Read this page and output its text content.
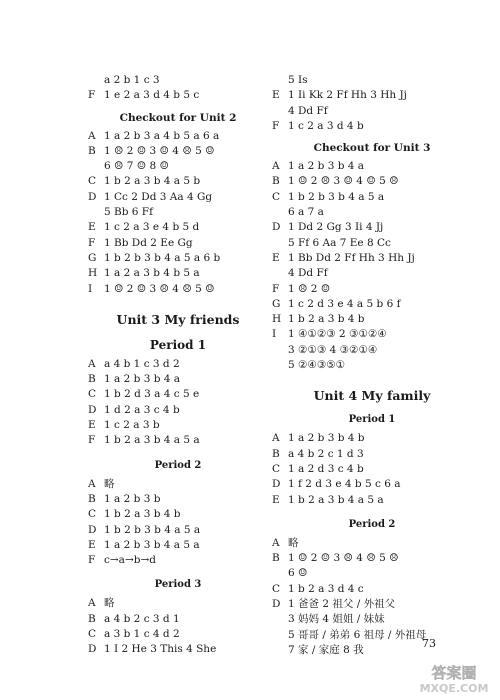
a 2 b 1 c 3
F 1 e 2 a 3 d 4 b 5 c
Checkout for Unit 2
A 1 a 2 b 3 a 4 b 5 a 6 a
B 1 ☹ 2 ☺ 3 ☺ 4 ☹ 5 ☺
6 ☹ 7 ☺ 8 ☺
C 1 b 2 a 3 b 4 a 5 b
D 1 Cc 2 Dd 3 Aa 4 Gg
5 Bb 6 Ff
E 1 c 2 a 3 e 4 b 5 d
F 1 Bb Dd 2 Ee Gg
G 1 b 2 b 3 b 4 a 5 a 6 b
H 1 a 2 a 3 b 4 b 5 a
I 1 ☺ 2 ☺ 3 ☹ 4 ☹ 5 ☺
Unit 3 My friends
Period 1
A a 4 b 1 c 3 d 2
B 1 a 2 b 3 b 4 a
C 1 b 2 d 3 a 4 c 5 e
D 1 d 2 a 3 c 4 b
E 1 c 2 a 3 b
F 1 b 2 a 3 b 4 a 5 a
Period 2
A 略
B 1 a 2 b 3 b
C 1 b 2 a 3 b 4 b
D 1 b 2 b 3 b 4 a 5 a
E 1 a 2 b 3 b 4 a 5 a
F c→a→b→d
Period 3
A 略
B a 4 b 2 c 3 d 1
C a 3 b 1 c 4 d 2
D 1 I 2 He 3 This 4 She
5 Is
E 1 Ii Kk 2 Ff Hh 3 Hh Jj
4 Dd Ff
F 1 c 2 a 3 d 4 b
Checkout for Unit 3
A 1 a 2 b 3 b 4 a
B 1 ☺ 2 ☹ 3 ☺ 4 ☺ 5 ☹
C 1 b 2 b 3 b 4 a 5 a
6 a 7 a
D 1 Dd 2 Gg 3 Ii 4 Jj
5 Ff 6 Aa 7 Ee 8 Cc
E 1 Bb Dd 2 Ff Hh 3 Hh Jj
4 Dd Ff
F 1 ☹ 2 ☺
G 1 c 2 d 3 e 4 a 5 b 6 f
H 1 b 2 a 3 b 4 b
I 1 ④①②③ 2 ③①②④
3 ②①③ 4 ③②①④
5 ②④③⑤①
Unit 4 My family
Period 1
A 1 a 2 b 3 b 4 b
B a 4 b 2 c 1 d 3
C 1 a 2 d 3 c 4 b
D 1 f 2 d 3 e 4 b 5 c 6 a
E 1 b 2 a 3 b 4 a 5 a
Period 2
A 略
B 1 ☺ 2 ☺ 3 ☹ 4 ☹ 5 ☹
6 ☺
C 1 b 2 a 3 d 4 c
D 1 爸爸 2 祖父 / 外祖父
3 妈妈 4 姐姐 / 妹妹
5 哥哥 / 弟弟 6 祖母 / 外祖母
7 家 / 家庭 8 我	73
答案圈
MXQE.COM
